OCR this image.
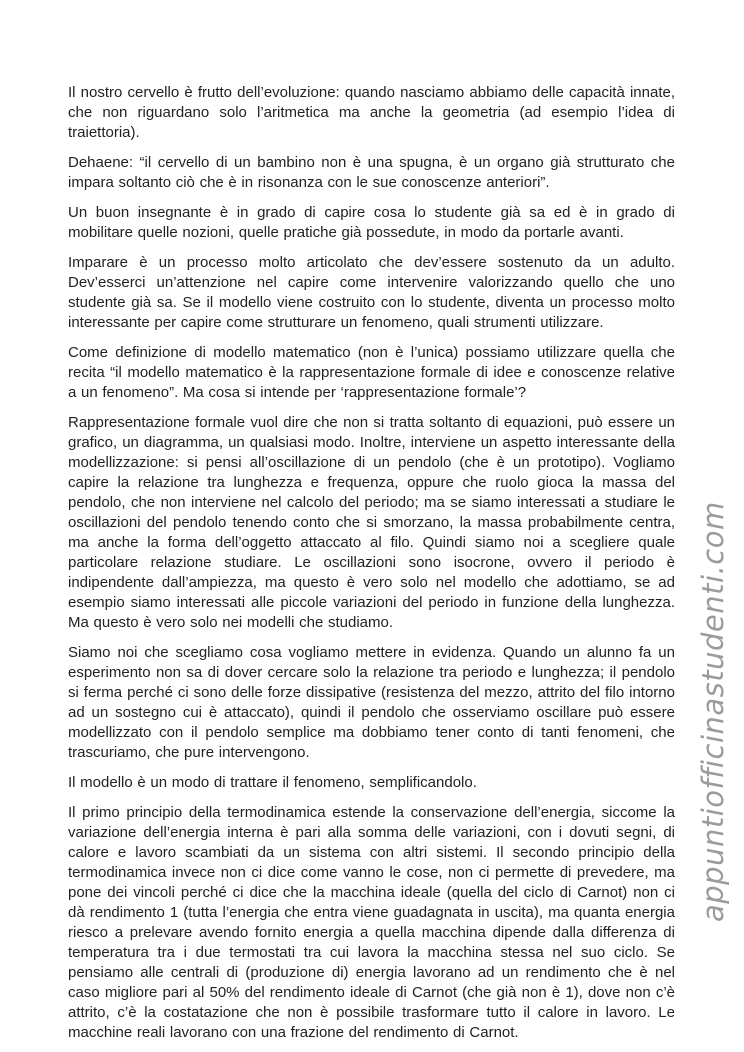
Il nostro cervello è frutto dell’evoluzione: quando nasciamo abbiamo delle capacità innate, che non riguardano solo l’aritmetica ma anche la geometria (ad esempio l’idea di traiettoria).

Dehaene: “il cervello di un bambino non è una spugna, è un organo già strutturato che impara soltanto ciò che è in risonanza con le sue conoscenze anteriori”.

Un buon insegnante è in grado di capire cosa lo studente già sa ed è in grado di mobilitare quelle nozioni, quelle pratiche già possedute, in modo da portarle avanti.

Imparare è un processo molto articolato che dev’essere sostenuto da un adulto. Dev’esserci un’attenzione nel capire come intervenire valorizzando quello che uno studente già sa. Se il modello viene costruito con lo studente, diventa un processo molto interessante per capire come strutturare un fenomeno, quali strumenti utilizzare.

Come definizione di modello matematico (non è l’unica) possiamo utilizzare quella che recita “il modello matematico è la rappresentazione formale di idee e conoscenze relative a un fenomeno”. Ma cosa si intende per ‘rappresentazione formale’?

Rappresentazione formale vuol dire che non si tratta soltanto di equazioni, può essere un grafico, un diagramma, un qualsiasi modo. Inoltre, interviene un aspetto interessante della modellizzazione: si pensi all’oscillazione di un pendolo (che è un prototipo). Vogliamo capire la relazione tra lunghezza e frequenza, oppure che ruolo gioca la massa del pendolo, che non interviene nel calcolo del periodo; ma se siamo interessati a studiare le oscillazioni del pendolo tenendo conto che si smorzano, la massa probabilmente centra, ma anche la forma dell’oggetto attaccato al filo. Quindi siamo noi a scegliere quale particolare relazione studiare. Le oscillazioni sono isocrone, ovvero il periodo è indipendente dall’ampiezza, ma questo è vero solo nel modello che adottiamo, se ad esempio siamo interessati alle piccole variazioni del periodo in funzione della lunghezza. Ma questo è vero solo nei modelli che studiamo.

Siamo noi che scegliamo cosa vogliamo mettere in evidenza. Quando un alunno fa un esperimento non sa di dover cercare solo la relazione tra periodo e lunghezza; il pendolo si ferma perché ci sono delle forze dissipative (resistenza del mezzo, attrito del filo intorno ad un sostegno cui è attaccato), quindi il pendolo che osserviamo oscillare può essere modellizzato con il pendolo semplice ma dobbiamo tener conto di tanti fenomeni, che trascuriamo, che pure intervengono.

Il modello è un modo di trattare il fenomeno, semplificandolo.

Il primo principio della termodinamica estende la conservazione dell’energia, siccome la variazione dell’energia interna è pari alla somma delle variazioni, con i dovuti segni, di calore e lavoro scambiati da un sistema con altri sistemi. Il secondo principio della termodinamica invece non ci dice come vanno le cose, non ci permette di prevedere, ma pone dei vincoli perché ci dice che la macchina ideale (quella del ciclo di Carnot) non ci dà rendimento 1 (tutta l’energia che entra viene guadagnata in uscita), ma quanta energia riesco a prelevare avendo fornito energia a quella macchina dipende dalla differenza di temperatura tra i due termostati tra cui lavora la macchina stessa nel suo ciclo. Se pensiamo alle centrali di (produzione di) energia lavorano ad un rendimento che è nel caso migliore pari al 50% del rendimento ideale di Carnot (che già non è 1), dove non c’è attrito, c’è la costatazione che non è possibile trasformare tutto il calore in lavoro. Le macchine reali lavorano con una frazione del rendimento di Carnot.

appuntiofficinastudenti.com
